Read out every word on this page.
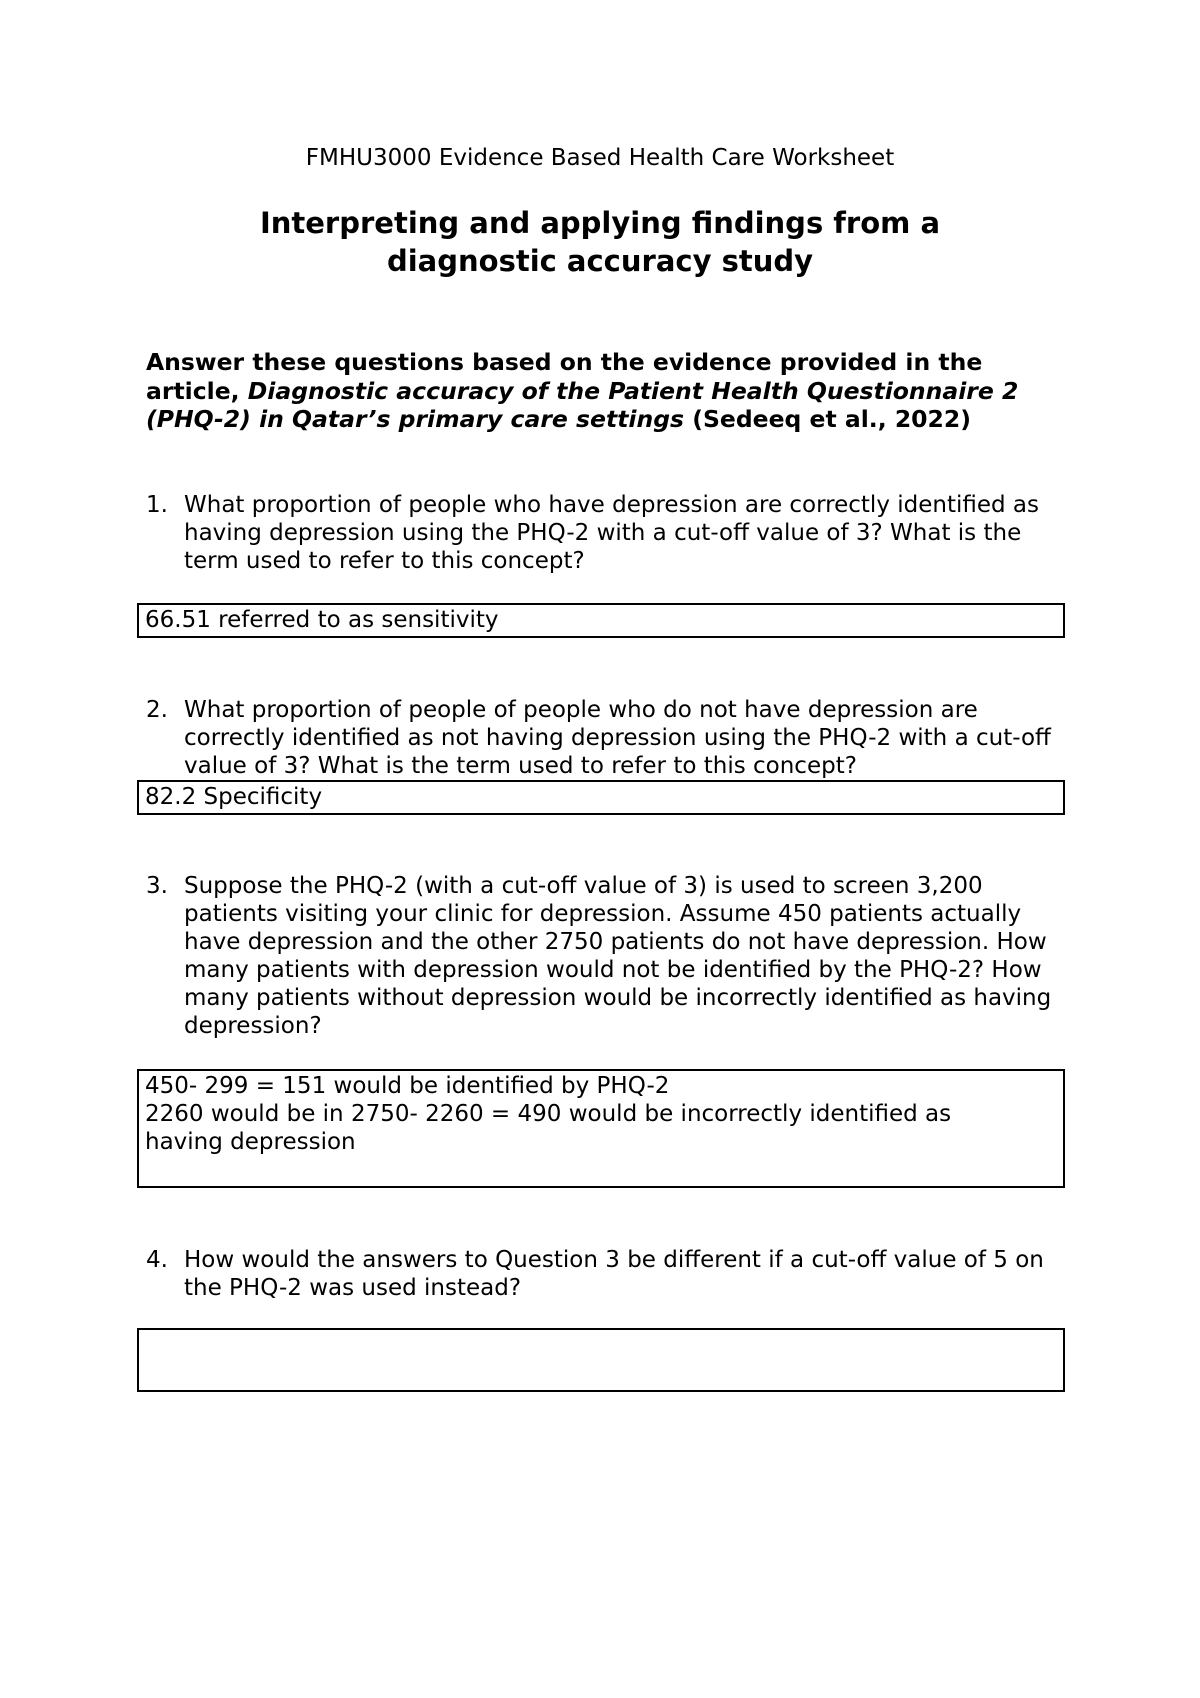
FMHU3000 Evidence Based Health Care Worksheet
Interpreting and applying findings from a
diagnostic accuracy study
Answer these questions based on the evidence provided in the article, Diagnostic accuracy of the Patient Health Questionnaire 2 (PHQ-2) in Qatar’s primary care settings (Sedeeq et al., 2022)
1. What proportion of people who have depression are correctly identified as having depression using the PHQ-2 with a cut-off value of 3? What is the term used to refer to this concept?
66.51 referred to as sensitivity
2. What proportion of people of people who do not have depression are correctly identified as not having depression using the PHQ-2 with a cut-off value of 3? What is the term used to refer to this concept?
82.2 Specificity
3. Suppose the PHQ-2 (with a cut-off value of 3) is used to screen 3,200 patients visiting your clinic for depression. Assume 450 patients actually have depression and the other 2750 patients do not have depression. How many patients with depression would not be identified by the PHQ-2? How many patients without depression would be incorrectly identified as having depression?
450- 299 = 151 would be identified by PHQ-2
2260 would be in 2750- 2260 = 490 would be incorrectly identified as
having depression
4. How would the answers to Question 3 be different if a cut-off value of 5 on the PHQ-2 was used instead?
